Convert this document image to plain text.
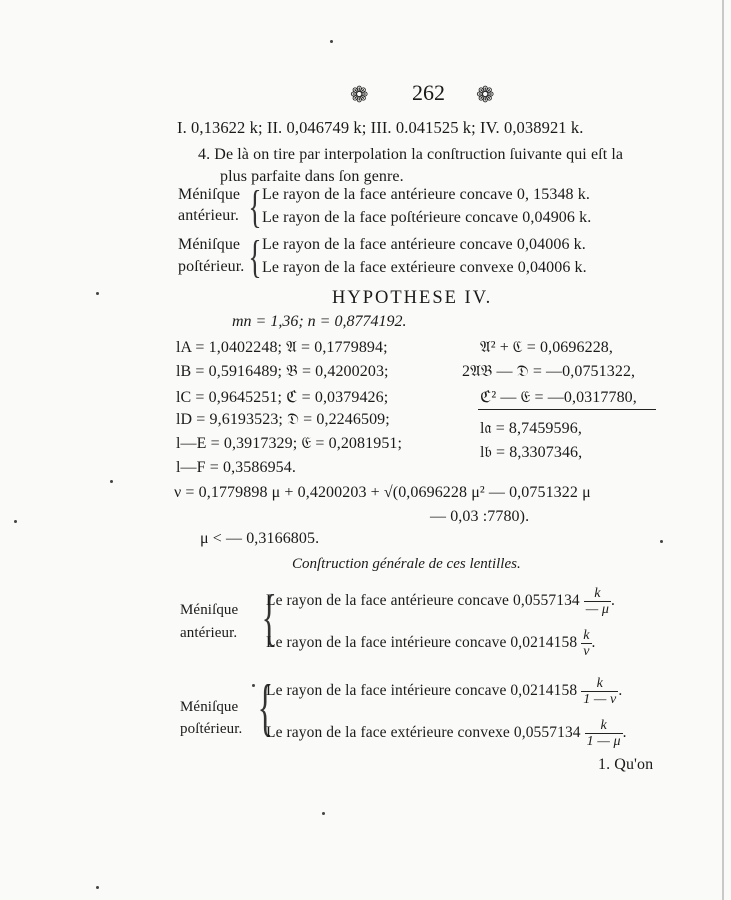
❁ 262 ❁
I. 0,13622 k; II. 0,046749 k; III. 0.041525 k; IV. 0,038921 k.
4. De là on tire par interpolation la conſtruction ſuivante qui eſt la
plus parfaite dans ſon genre.
Méniſque
antérieur. { Le rayon de la face antérieure concave 0, 15348 k.
Le rayon de la face poſtérieure concave 0,04906 k.
Méniſque
poſtérieur. { Le rayon de la face antérieure concave 0,04006 k.
Le rayon de la face extérieure convexe 0,04006 k.
HYPOTHESE IV.
mn = 1,36; n = 0,8774192.
lA = 1,0402248; 𝔄 = 0,1779894;
lB = 0,5916489; 𝔅 = 0,4200203;
lC = 0,9645251; ℭ = 0,0379426;
lD = 9,6193523; 𝔇 = 0,2246509;
l—E = 0,3917329; 𝔈 = 0,2081951;
l—F = 0,3586954.
𝔄² + ℭ = 0,0696228,
2𝔄𝔅 — 𝔇 = —0,0751322,
ℭ² — 𝔈 = —0,0317780,
l𝔞 = 8,7459596,
l𝔟 = 8,3307346,
ν = 0,1779898 μ + 0,4200203 + √(0,0696228 μ² — 0,0751322 μ
— 0,03 :7780).
μ < — 0,3166805.
Conſtruction générale de ces lentilles.
Méniſque
antérieur. {
Le rayon de la face antérieure concave $0,0557134 \frac{k}{— \mu}$ .
Le rayon de la face intérieure concave $0,0214158 \frac{k}{\nu}$ .
Méniſque
poſtérieur. {
Le rayon de la face intérieure concave $0,0214158 \frac{k}{1 — \nu}$ .
Le rayon de la face extérieure convexe $0,0557134 \frac{k}{1 — \mu}$ .
1. Qu'on
